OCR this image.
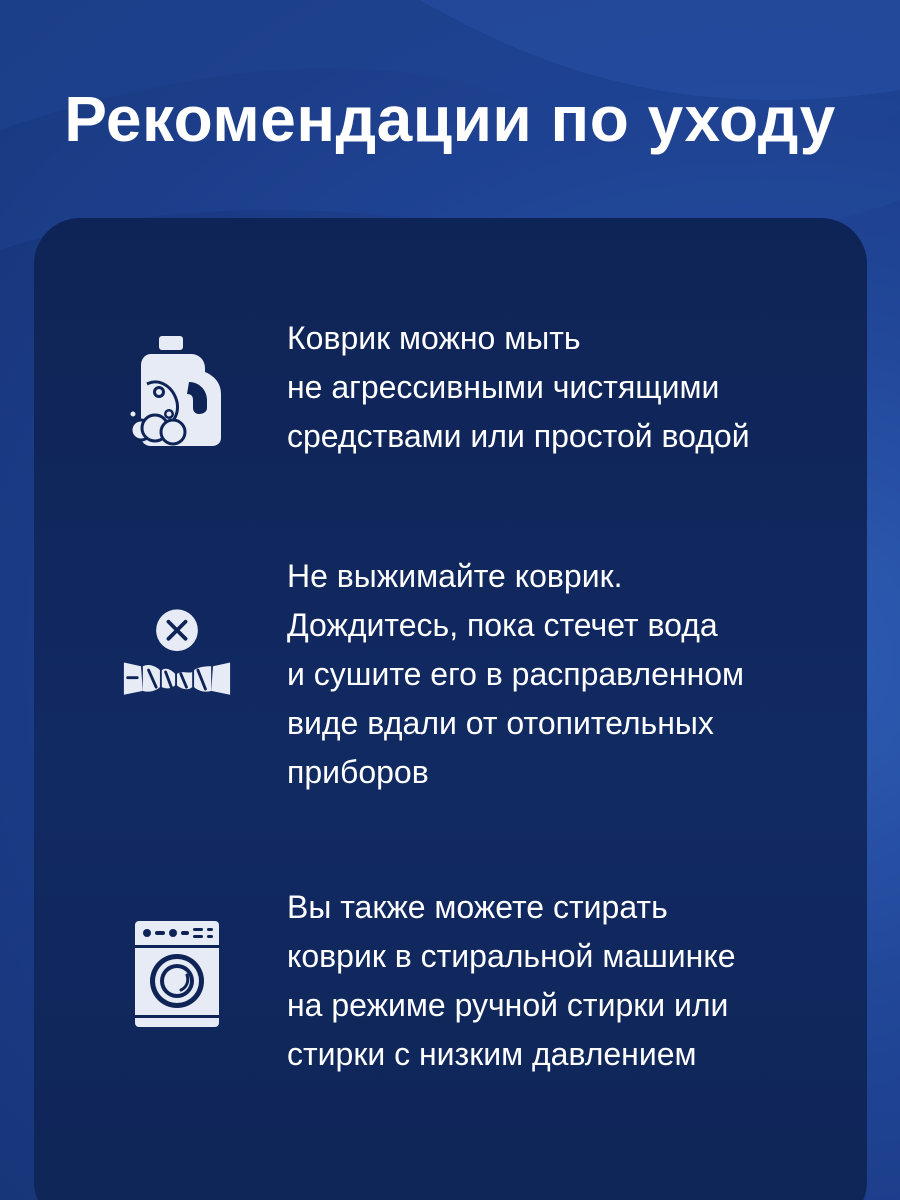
Рекомендации по уходу
Коврик можно мыть
не агрессивными чистящими
средствами или простой водой
Не выжимайте коврик.
Дождитесь, пока стечет вода
и сушите его в расправленном
виде вдали от отопительных
приборов
Вы также можете стирать
коврик в стиральной машинке
на режиме ручной стирки или
стирки с низким давлением
